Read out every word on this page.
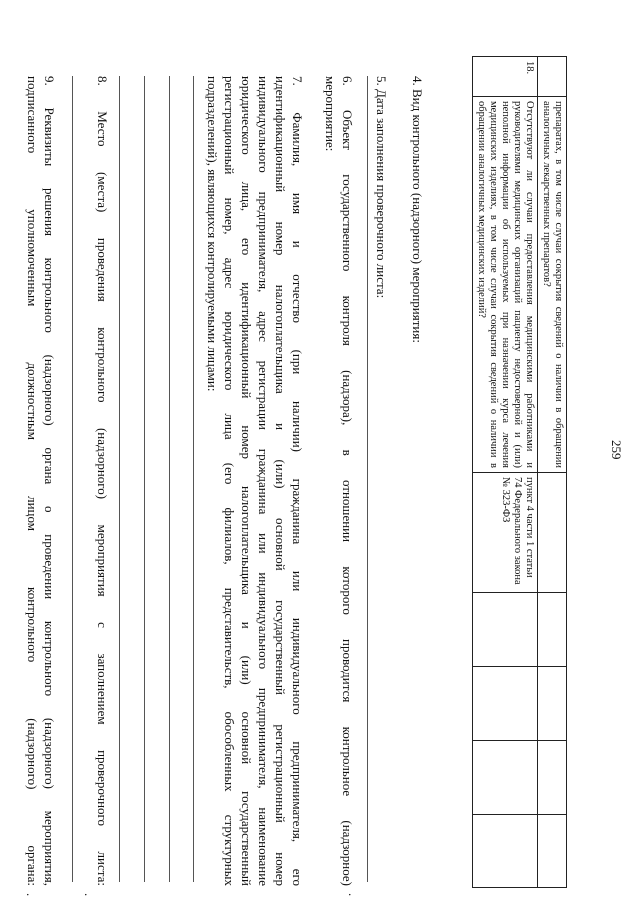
259
	препаратах, в том числе случаи сокрытия сведений о наличии в обращении аналогичных лекарственных препаратов?					
18.	Отсутствуют ли случаи предоставления медицинскими работниками и руководителями медицинских организаций пациенту недостоверной и (или) неполной информации об используемых при назначении курса лечения медицинских изделиях, в том числе случаи сокрытия сведений о наличии в обращении аналогичных медицинских изделий?	пункт 4 части 1 статьи 74 Федерального закона № 323-ФЗ				
4. Вид контрольного (надзорного) мероприятия:
5. Дата заполнения проверочного листа:
6. Объект государственного контроля (надзора), в отношении которого проводится контрольное (надзорное)
мероприятие:
7. Фамилия, имя и отчество (при наличии) гражданина или индивидуального предпринимателя, его
идентификационный номер налогоплательщика и (или) основной государственный регистрационный номер
индивидуального предпринимателя, адрес регистрации гражданина или индивидуального предпринимателя, наименование
юридического лица, его идентификационный номер налогоплательщика и (или) основной государственный
регистрационный номер, адрес юридического лица (его филиалов, представительств, обособленных структурных
подразделений), являющихся контролируемыми лицами:
8. Место (места) проведения контрольного (надзорного) мероприятия с заполнением проверочного листа:
9. Реквизиты решения контрольного (надзорного) органа о проведении контрольного (надзорного) мероприятия,
подписанного уполномоченным должностным лицом контрольного (надзорного) органа:
.
.
.
